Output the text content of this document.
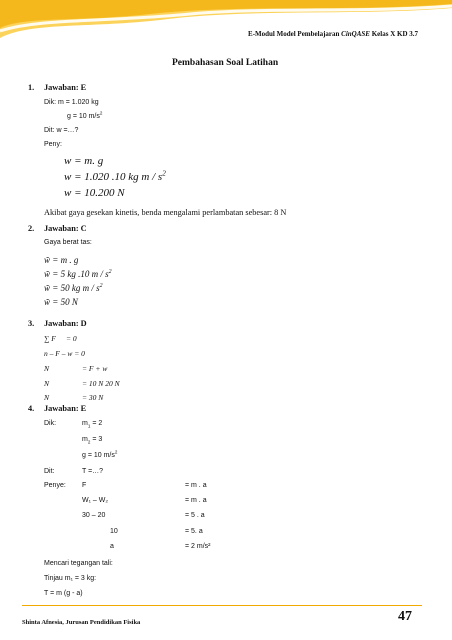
E-Modul Model Pembelajaran CinQASE Kelas X KD 3.7
Pembahasan Soal Latihan
1. Jawaban: E
Dik: m = 1.020 kg
g = 10 $m/s^2$
Dit: w =…?
Peny:
w = m. g
w = 1.020 .10 kg m / $s^2$
w = 10.200 N
Akibat gaya gesekan kinetis, benda mengalami perlambatan sebesar: 8 N
2. Jawaban: C
Gaya berat tas:
w̃ = m . g
w̃ = 5 kg .10 m / $s^2$
w̃ = 50 kg m / $s^2$
w̃ = 50 N
3. Jawaban: D
∑ F = 0
n – F – w = 0
N	= F + w
N	= 10 N 20 N
N	= 30 N
4. Jawaban: E
Dik:	$m_1 = 2$
$m_2 = 3$
g = 10 $m/s^2$
Dit:	T =…?
Penye: F	= m . a
W₁ – W₂	= m . a
30 – 20	= 5 . a
10	= 5. a
a	= 2 m/s²
Mencari tegangan tali:
Tinjau m₁ = 3 kg:
T = m (g - a)
Shinta Afnesia, Jurusan Pendidikan Fisika	47
